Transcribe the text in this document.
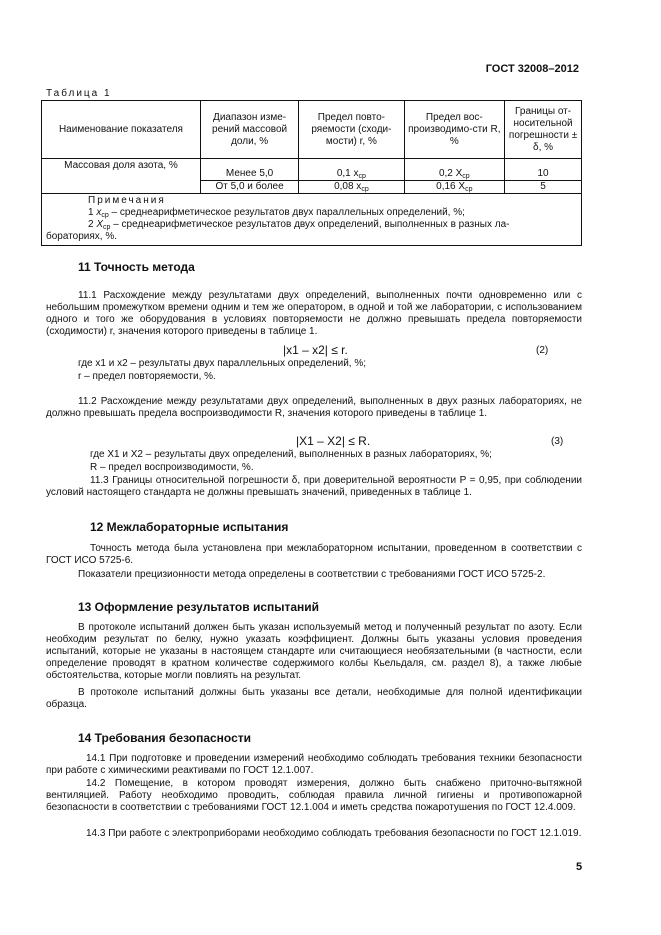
ГОСТ 32008–2012
Таблица 1
Наименование показателя	Диапазон изме-рений массовой доли, %	Предел повто-ряемости (сходи-мости) r, %	Предел вос-производимо-сти R, %	Границы от-носительной погрешности ± δ, %
Массовая доля азота, %	Менее 5,0	0,1 $x_{ср}$	0,2 $X_{ср}$	10
	От 5,0 и более	0,08 $x_{ср}$	0,16 $X_{ср}$	5

Примечания
1 $x_{ср}$ – среднеарифметическое результатов двух параллельных определений, %;
2 $X_{ср}$ – среднеарифметическое результатов двух определений, выполненных в разных ла-
бораториях, %.				
11 Точность метода
11.1 Расхождение между результатами двух определений, выполненных почти одновременно или с небольшим промежутком времени одним и тем же оператором, в одной и той же лаборатории, с использованием одного и того же оборудования в условиях повторяемости не должно превышать предела повторяемости (сходимости) r, значения которого приведены в таблице 1.
|x1 – x2| ≤ r.	(2)
где x1 и x2 – результаты двух параллельных определений, %;
r – предел повторяемости, %.
11.2 Расхождение между результатами двух определений, выполненных в двух разных лабораториях, не должно превышать предела воспроизводимости R, значения которого приведены в таблице 1.
|X1 – X2| ≤ R.	(3)
где X1 и X2 – результаты двух определений, выполненных в разных лабораториях, %;
R – предел воспроизводимости, %.
11.3 Границы относительной погрешности δ, при доверительной вероятности P = 0,95, при соблюдении условий настоящего стандарта не должны превышать значений, приведенных в таблице 1.
12 Межлабораторные испытания
Точность метода была установлена при межлабораторном испытании, проведенном в соответствии с ГОСТ ИСО 5725-6.
Показатели прецизионности метода определены в соответствии с требованиями ГОСТ ИСО 5725-2.
13 Оформление результатов испытаний
В протоколе испытаний должен быть указан используемый метод и полученный результат по азоту. Если необходим результат по белку, нужно указать коэффициент. Должны быть указаны условия проведения испытаний, которые не указаны в настоящем стандарте или считающиеся необязательными (в частности, если определение проводят в кратном количестве содержимого колбы Кьельдаля, см. раздел 8), а также любые обстоятельства, которые могли повлиять на результат.
В протоколе испытаний должны быть указаны все детали, необходимые для полной идентификации образца.
14 Требования безопасности
14.1 При подготовке и проведении измерений необходимо соблюдать требования техники безопасности при работе с химическими реактивами по ГОСТ 12.1.007.
14.2 Помещение, в котором проводят измерения, должно быть снабжено приточно-вытяжной вентиляцией. Работу необходимо проводить, соблюдая правила личной гигиены и противопожарной безопасности в соответствии с требованиями ГОСТ 12.1.004 и иметь средства пожаротушения по ГОСТ 12.4.009.
14.3 При работе с электроприборами необходимо соблюдать требования безопасности по ГОСТ 12.1.019.
5
